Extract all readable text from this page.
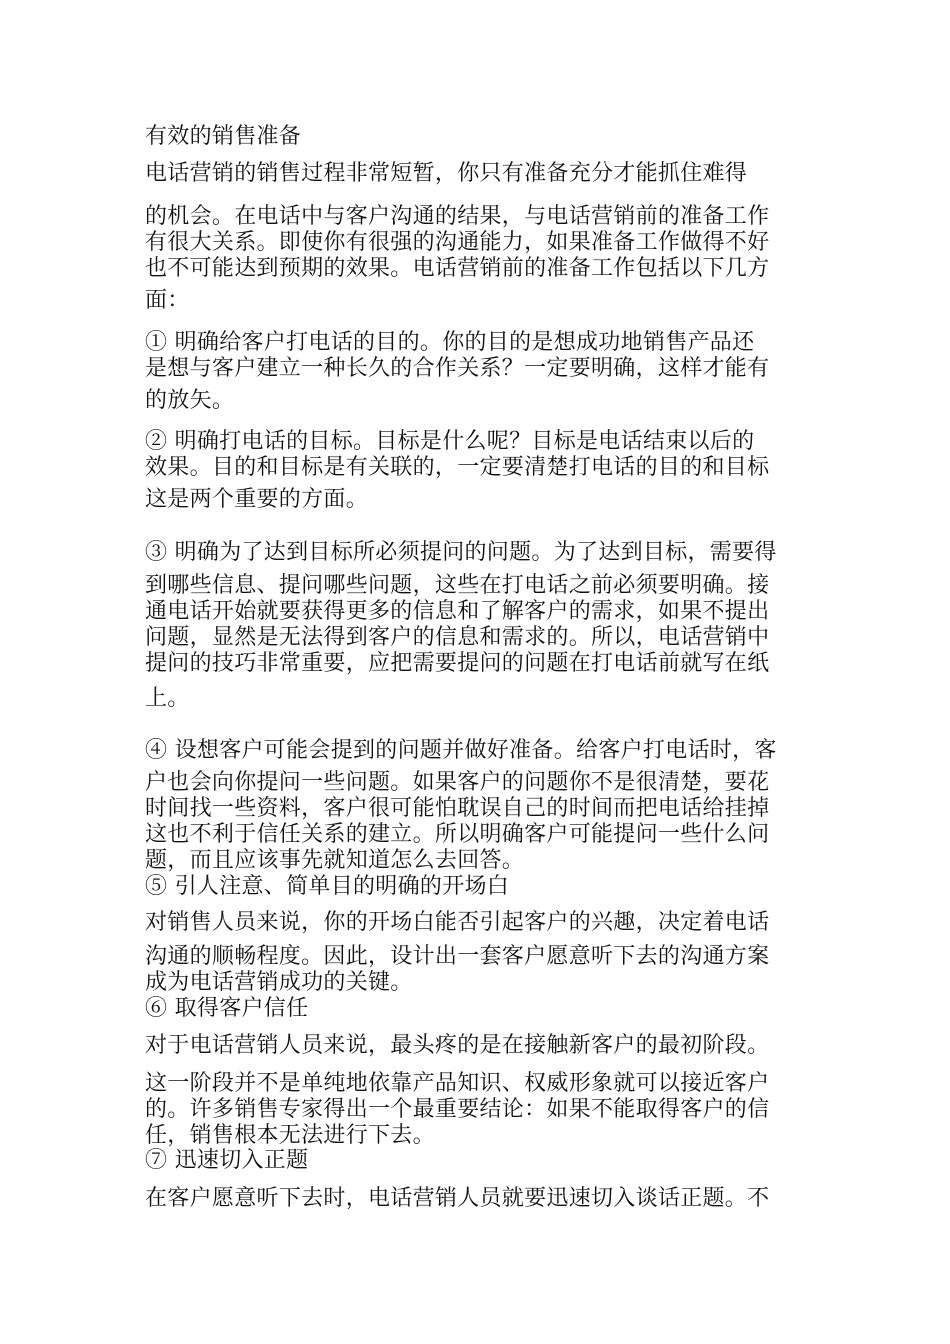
有效的销售准备

电话营销的销售过程非常短暂，你只有准备充分才能抓住难得

的机会。在电话中与客户沟通的结果，与电话营销前的准备工作

有很大关系。即使你有很强的沟通能力，如果准备工作做得不好

也不可能达到预期的效果。电话营销前的准备工作包括以下几方

面：

① 明确给客户打电话的目的。你的目的是想成功地销售产品还

是想与客户建立一种长久的合作关系？一定要明确，这样才能有

的放矢。

② 明确打电话的目标。目标是什么呢？目标是电话结束以后的

效果。目的和目标是有关联的，一定要清楚打电话的目的和目标

这是两个重要的方面。

③ 明确为了达到目标所必须提问的问题。为了达到目标，需要得

到哪些信息、提问哪些问题，这些在打电话之前必须要明确。接

通电话开始就要获得更多的信息和了解客户的需求，如果不提出

问题，显然是无法得到客户的信息和需求的。所以，电话营销中

提问的技巧非常重要，应把需要提问的问题在打电话前就写在纸

上。

④ 设想客户可能会提到的问题并做好准备。给客户打电话时，客

户也会向你提问一些问题。如果客户的问题你不是很清楚，要花

时间找一些资料，客户很可能怕耽误自己的时间而把电话给挂掉

这也不利于信任关系的建立。所以明确客户可能提问一些什么问

题，而且应该事先就知道怎么去回答。

⑤ 引人注意、简单目的明确的开场白

对销售人员来说，你的开场白能否引起客户的兴趣，决定着电话

沟通的顺畅程度。因此，设计出一套客户愿意听下去的沟通方案

成为电话营销成功的关键。

⑥ 取得客户信任

对于电话营销人员来说，最头疼的是在接触新客户的最初阶段。

这一阶段并不是单纯地依靠产品知识、权威形象就可以接近客户

的。许多销售专家得出一个最重要结论：如果不能取得客户的信

任，销售根本无法进行下去。

⑦ 迅速切入正题

在客户愿意听下去时，电话营销人员就要迅速切入谈话正题。不
